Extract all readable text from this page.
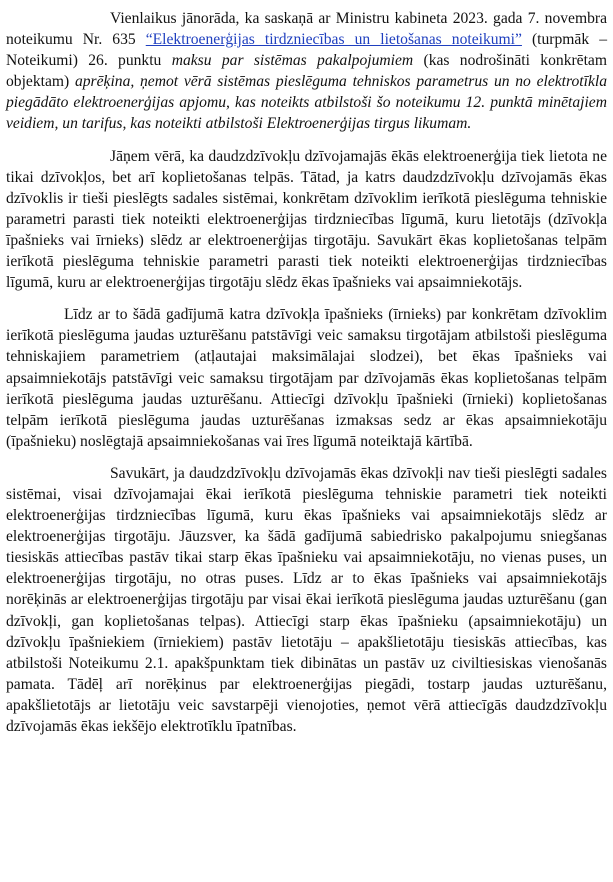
Vienlaikus jānorāda, ka saskaņā ar Ministru kabineta 2023. gada 7. novembra noteikumu Nr. 635 “Elektroenerģijas tirdzniecības un lietošanas noteikumi” (turpmāk – Noteikumi) 26. punktu maksu par sistēmas pakalpojumiem (kas nodrošināti konkrētam objektam) aprēķina, ņemot vērā sistēmas pieslēguma tehniskos parametrus un no elektrotīkla piegādāto elektroenerģijas apjomu, kas noteikts atbilstoši šo noteikumu 12. punktā minētajiem veidiem, un tarifus, kas noteikti atbilstoši Elektroenerģijas tirgus likumam.

Jāņem vērā, ka daudzdzīvokļu dzīvojamajās ēkās elektroenerģija tiek lietota ne tikai dzīvokļos, bet arī koplietošanas telpās. Tātad, ja katrs daudzdzīvokļu dzīvojamās ēkas dzīvoklis ir tieši pieslēgts sadales sistēmai, konkrētam dzīvoklim ierīkotā pieslēguma tehniskie parametri parasti tiek noteikti elektroenerģijas tirdzniecības līgumā, kuru lietotājs (dzīvokļa īpašnieks vai īrnieks) slēdz ar elektroenerģijas tirgotāju. Savukārt ēkas koplietošanas telpām ierīkotā pieslēguma tehniskie parametri parasti tiek noteikti elektroenerģijas tirdzniecības līgumā, kuru ar elektroenerģijas tirgotāju slēdz ēkas īpašnieks vai apsaimniekotājs.

Līdz ar to šādā gadījumā katra dzīvokļa īpašnieks (īrnieks) par konkrētam dzīvoklim ierīkotā pieslēguma jaudas uzturēšanu patstāvīgi veic samaksu tirgotājam atbilstoši pieslēguma tehniskajiem parametriem (atļautajai maksimālajai slodzei), bet ēkas īpašnieks vai apsaimniekotājs patstāvīgi veic samaksu tirgotājam par dzīvojamās ēkas koplietošanas telpām ierīkotā pieslēguma jaudas uzturēšanu. Attiecīgi dzīvokļu īpašnieki (īrnieki) koplietošanas telpām ierīkotā pieslēguma jaudas uzturēšanas izmaksas sedz ar ēkas apsaimniekotāju (īpašnieku) noslēgtajā apsaimniekošanas vai īres līgumā noteiktajā kārtībā.

Savukārt, ja daudzdzīvokļu dzīvojamās ēkas dzīvokļi nav tieši pieslēgti sadales sistēmai, visai dzīvojamajai ēkai ierīkotā pieslēguma tehniskie parametri tiek noteikti elektroenerģijas tirdzniecības līgumā, kuru ēkas īpašnieks vai apsaimniekotājs slēdz ar elektroenerģijas tirgotāju. Jāuzsver, ka šādā gadījumā sabiedrisko pakalpojumu sniegšanas tiesiskās attiecības pastāv tikai starp ēkas īpašnieku vai apsaimniekotāju, no vienas puses, un elektroenerģijas tirgotāju, no otras puses. Līdz ar to ēkas īpašnieks vai apsaimniekotājs norēķinās ar elektroenerģijas tirgotāju par visai ēkai ierīkotā pieslēguma jaudas uzturēšanu (gan dzīvokļi, gan koplietošanas telpas). Attiecīgi starp ēkas īpašnieku (apsaimniekotāju) un dzīvokļu īpašniekiem (īrniekiem) pastāv lietotāju – apakšlietotāju tiesiskās attiecības, kas atbilstoši Noteikumu 2.1. apakšpunktam tiek dibinātas un pastāv uz civiltiesiskas vienošanās pamata. Tādēļ arī norēķinus par elektroenerģijas piegādi, tostarp jaudas uzturēšanu, apakšlietotājs ar lietotāju veic savstarpēji vienojoties, ņemot vērā attiecīgās daudzdzīvokļu dzīvojamās ēkas iekšējo elektrotīklu īpatnības.
